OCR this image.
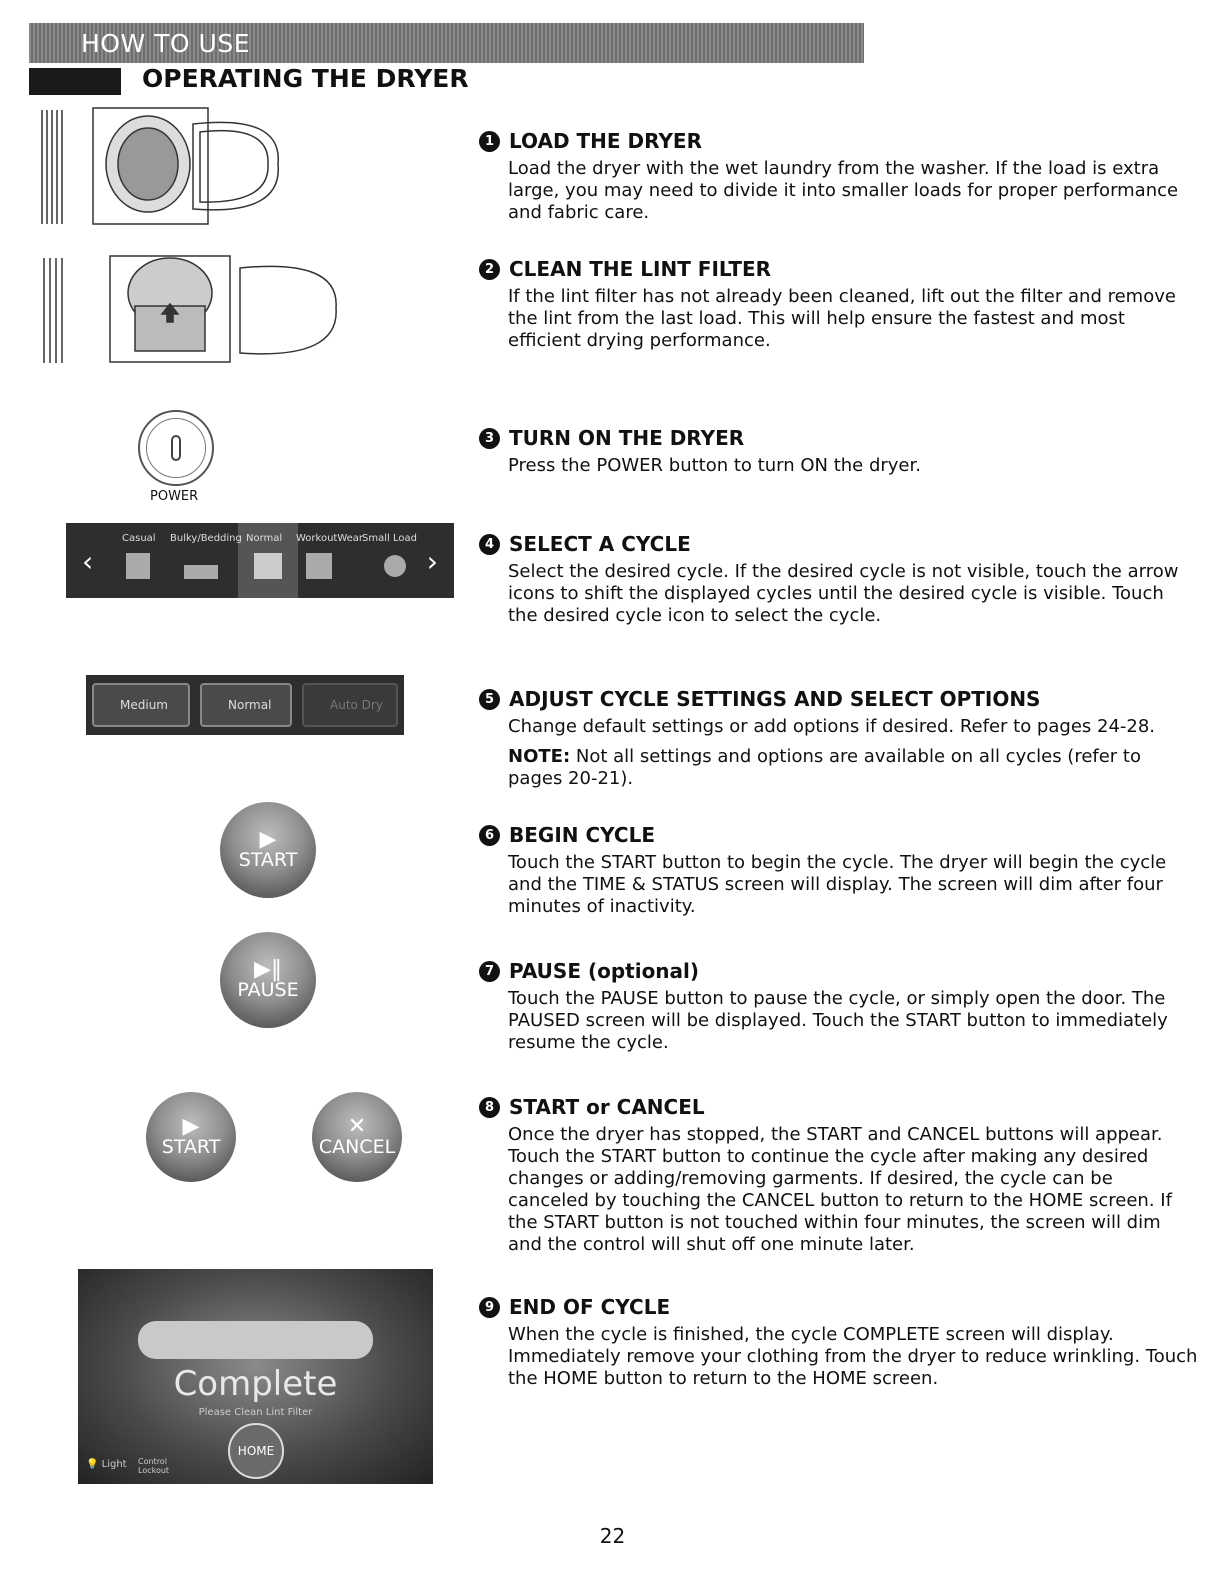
HOW TO USE
OPERATING THE DRYER
POWER
‹	›
Casual Bulky/Bedding Normal WorkoutWear
Small Load
Medium	Normal	Auto Dry
▶
START
▶‖
PAUSE
▶
START
✕
CANCEL
Complete
Please Clean Lint Filter
HOME
💡 Light Control Lockout
1 LOAD THE DRYER
Load the dryer with the wet laundry from the washer. If the load is extra large, you may need to divide it into smaller loads for proper performance and fabric care.
2 CLEAN THE LINT FILTER
If the lint filter has not already been cleaned, lift out the filter and remove the lint from the last load. This will help ensure the fastest and most efficient drying performance.
3 TURN ON THE DRYER
Press the POWER button to turn ON the dryer.
4 SELECT A CYCLE
Select the desired cycle. If the desired cycle is not visible, touch the arrow icons to shift the displayed cycles until the desired cycle is visible. Touch the desired cycle icon to select the cycle.
5 ADJUST CYCLE SETTINGS AND SELECT OPTIONS
Change default settings or add options if desired. Refer to pages 24-28.
NOTE: Not all settings and options are available on all cycles (refer to pages 20-21).
6 BEGIN CYCLE
Touch the START button to begin the cycle. The dryer will begin the cycle and the TIME & STATUS screen will display. The screen will dim after four minutes of inactivity.
7 PAUSE (optional)
Touch the PAUSE button to pause the cycle, or simply open the door. The PAUSED screen will be displayed. Touch the START button to immediately resume the cycle.
8 START or CANCEL
Once the dryer has stopped, the START and CANCEL buttons will appear. Touch the START button to continue the cycle after making any desired changes or adding/removing garments. If desired, the cycle can be canceled by touching the CANCEL button to return to the HOME screen. If the START button is not touched within four minutes, the screen will dim and the control will shut off one minute later.
9 END OF CYCLE
When the cycle is finished, the cycle COMPLETE screen will display. Immediately remove your clothing from the dryer to reduce wrinkling. Touch the HOME button to return to the HOME screen.
22
